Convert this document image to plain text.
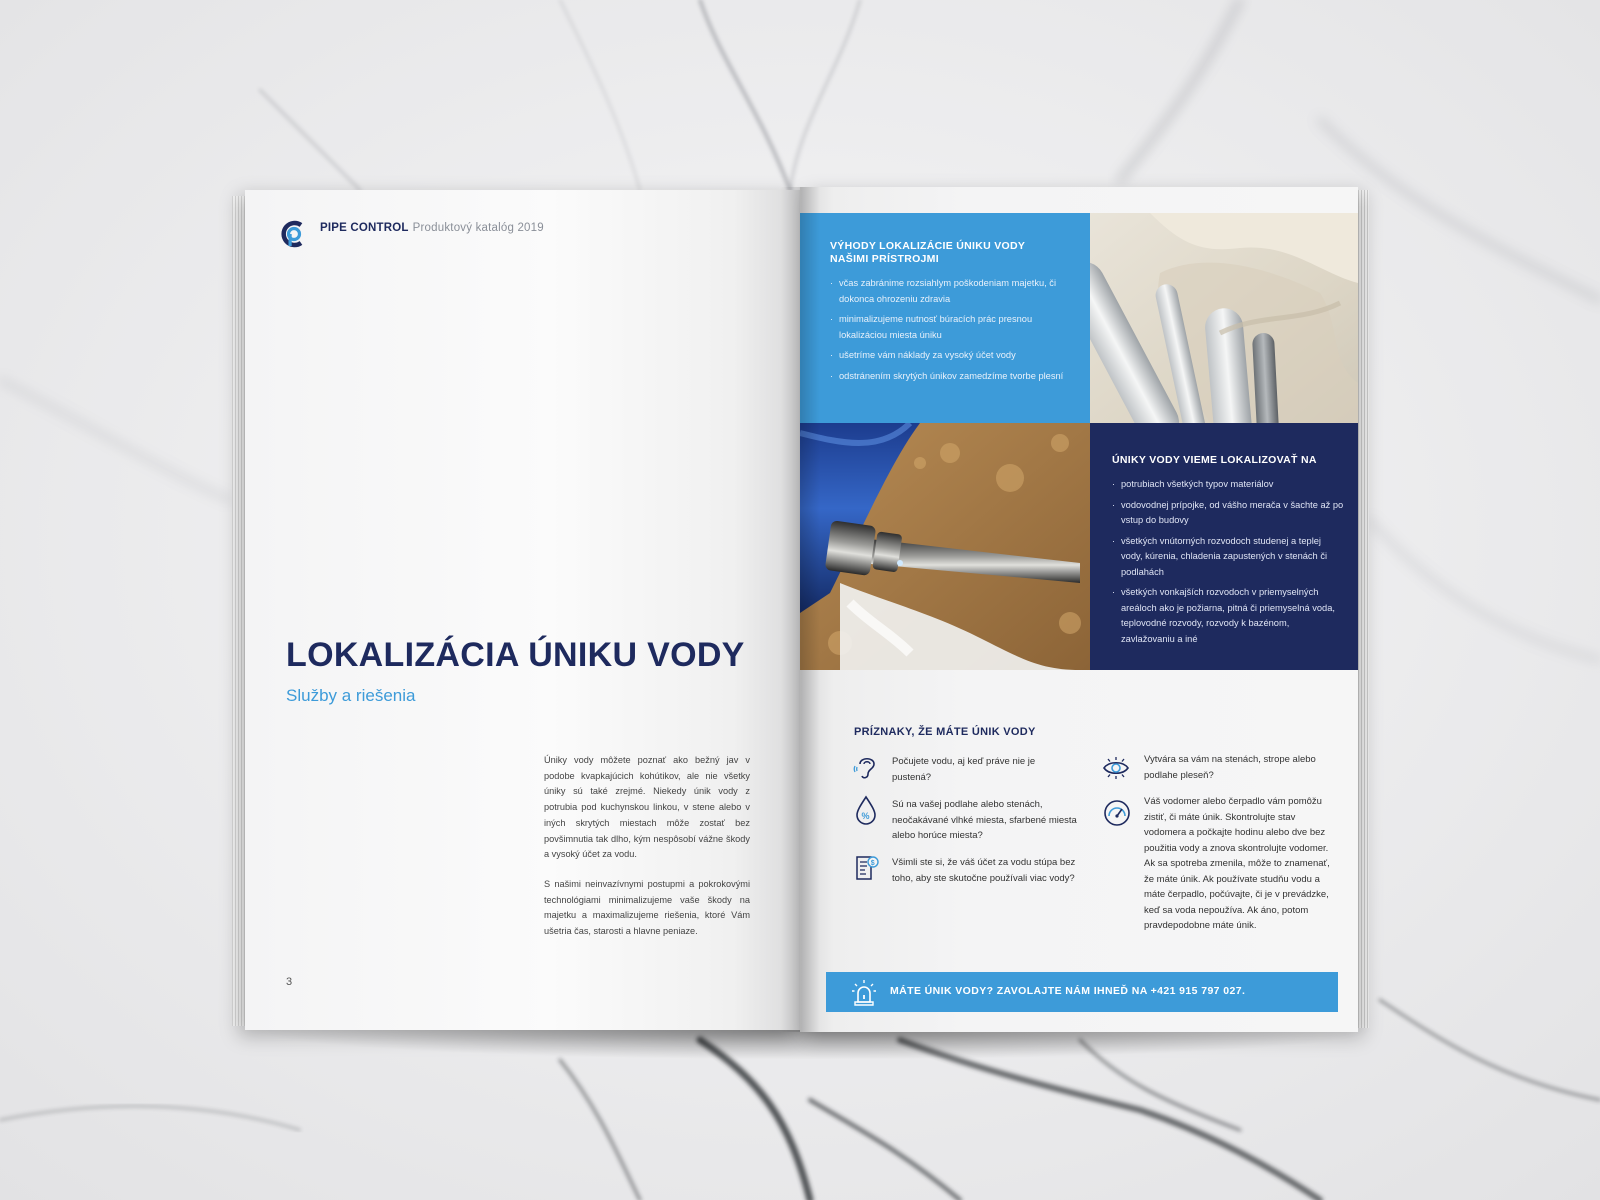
PIPE CONTROL Produktový katalóg 2019
LOKALIZÁCIA ÚNIKU VODY
Služby a riešenia

Úniky vody môžete poznať ako bežný jav v podobe kvapkajúcich kohútikov, ale nie všetky úniky sú také zrejmé. Niekedy únik vody z potrubia pod kuchynskou linkou, v stene alebo v iných skrytých miestach môže zostať bez povšimnutia tak dlho, kým nespôsobí vážne škody a vysoký účet za vodu.

S našimi neinvazívnymi postupmi a pokrokovými technológiami minimalizujeme vaše škody na majetku a maximalizujeme riešenia, ktoré Vám ušetria čas, starosti a hlavne peniaze.

3
VÝHODY LOKALIZÁCIE ÚNIKU VODY
NAŠIMI PRÍSTROJMI
· včas zabránime rozsiahlym poškodeniam majetku, či dokonca ohrozeniu zdravia
· minimalizujeme nutnosť búracích prác presnou lokalizáciou miesta úniku
· ušetríme vám náklady za vysoký účet vody
· odstránením skrytých únikov zamedzíme tvorbe plesní
ÚNIKY VODY VIEME LOKALIZOVAŤ NA
· potrubiach všetkých typov materiálov
· vodovodnej prípojke, od vášho merača v šachte až po vstup do budovy
· všetkých vnútorných rozvodoch studenej a teplej vody, kúrenia, chladenia zapustených v stenách či podlahách
· všetkých vonkajších rozvodoch v priemyselných areáloch ako je požiarna, pitná či priemyselná voda, teplovodné rozvody, rozvody k bazénom, zavlažovaniu a iné
PRÍZNAKY, ŽE MÁTE ÚNIK VODY
Počujete vodu, aj keď práve nie je pustená?
%
Sú na vašej podlahe alebo stenách, neočakávané vlhké miesta, sfarbené miesta alebo horúce miesta?
$ Všimli ste si, že váš účet za vodu stúpa bez toho, aby ste skutočne používali viac vody?
Vytvára sa vám na stenách, strope alebo podlahe pleseň?
Váš vodomer alebo čerpadlo vám pomôžu zistiť, či máte únik. Skontrolujte stav vodomera a počkajte hodinu alebo dve bez použitia vody a znova skontrolujte vodomer. Ak sa spotreba zmenila, môže to znamenať, že máte únik. Ak používate studňu vodu a máte čerpadlo, počúvajte, či je v prevádzke, keď sa voda nepoužíva. Ak áno, potom pravdepodobne máte únik.
MÁTE ÚNIK VODY? ZAVOLAJTE NÁM IHNEĎ NA +421 915 797 027.
